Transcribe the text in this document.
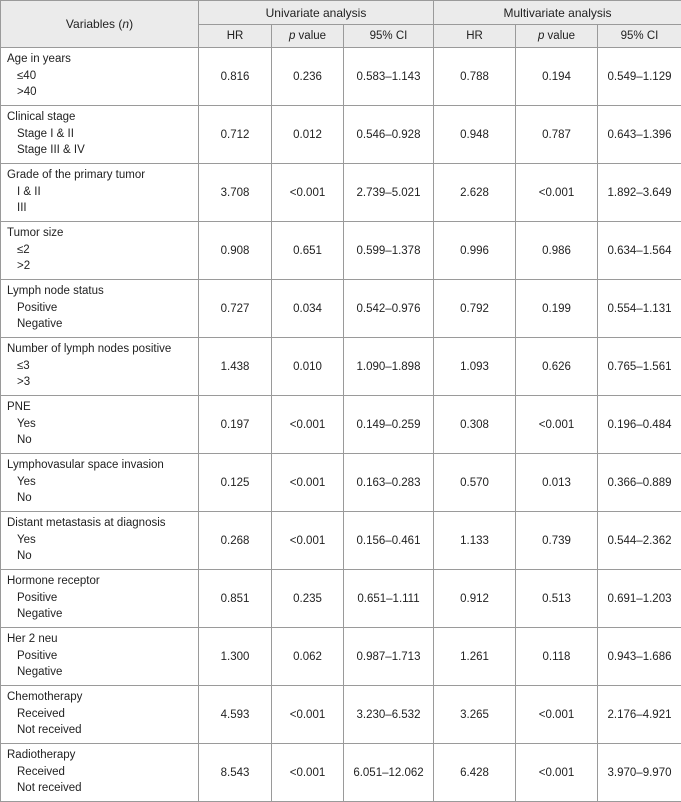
Variables (n)	Univariate analysis			Multivariate analysis		
	HR	p value	95% CI	HR	p value	95% CI

Age in years
≤40
>40	0.816	0.236	0.583–1.143	0.788	0.194	0.549–1.129

Clinical stage
Stage I & II
Stage III & IV	0.712	0.012	0.546–0.928	0.948	0.787	0.643–1.396

Grade of the primary tumor
I & II
III	3.708	<0.001	2.739–5.021	2.628	<0.001	1.892–3.649

Tumor size
≤2
>2	0.908	0.651	0.599–1.378	0.996	0.986	0.634–1.564

Lymph node status
Positive
Negative	0.727	0.034	0.542–0.976	0.792	0.199	0.554–1.131

Number of lymph nodes positive
≤3
>3	1.438	0.010	1.090–1.898	1.093	0.626	0.765–1.561

PNE
Yes
No	0.197	<0.001	0.149–0.259	0.308	<0.001	0.196–0.484

Lymphovasular space invasion
Yes
No	0.125	<0.001	0.163–0.283	0.570	0.013	0.366–0.889

Distant metastasis at diagnosis
Yes
No	0.268	<0.001	0.156–0.461	1.133	0.739	0.544–2.362

Hormone receptor
Positive
Negative	0.851	0.235	0.651–1.111	0.912	0.513	0.691–1.203

Her 2 neu
Positive
Negative	1.300	0.062	0.987–1.713	1.261	0.118	0.943–1.686

Chemotherapy
Received
Not received	4.593	<0.001	3.230–6.532	3.265	<0.001	2.176–4.921

Radiotherapy
Received
Not received	8.543	<0.001	6.051–12.062	6.428	<0.001	3.970–9.970
